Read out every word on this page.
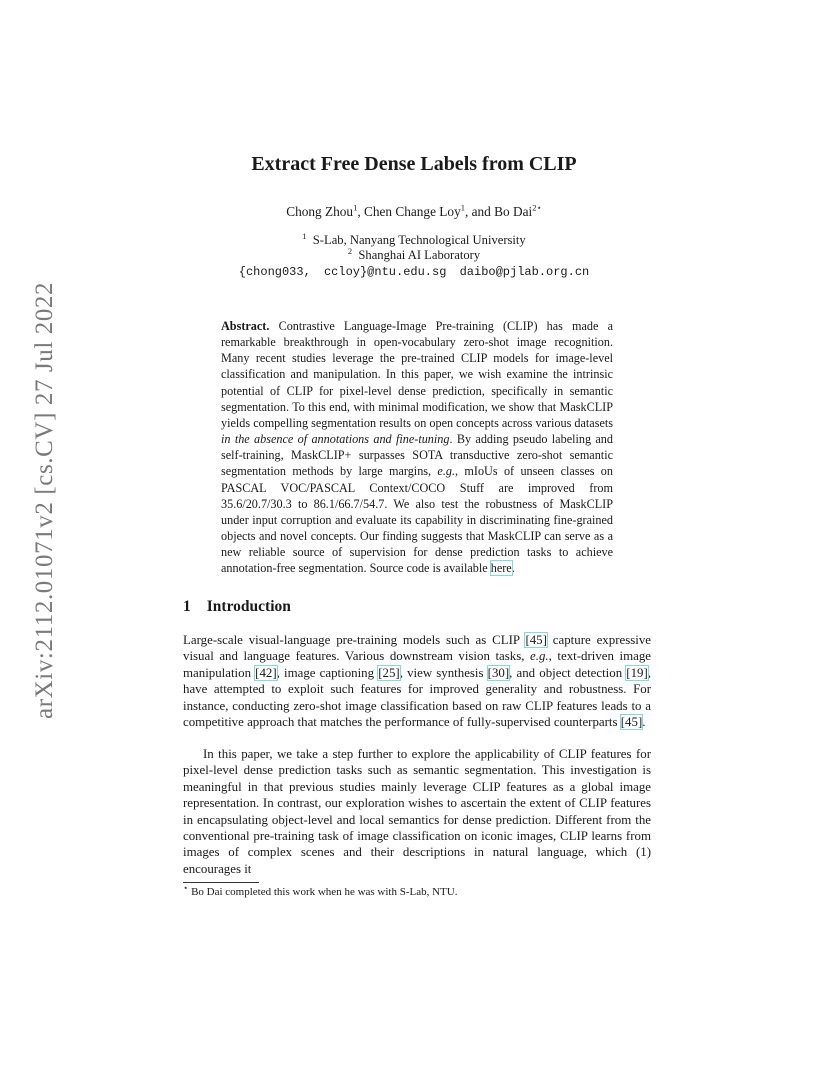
arXiv:2112.01071v2 [cs.CV] 27 Jul 2022
Extract Free Dense Labels from CLIP
Chong Zhou$^1$, Chen Change Loy$^1$, and Bo Dai$^{2⋆}$
$^1$ S-Lab, Nanyang Technological University
$^2$ Shanghai AI Laboratory
{chong033, ccloy}@ntu.edu.sg daibo@pjlab.org.cn
Abstract. Contrastive Language-Image Pre-training (CLIP) has made a remarkable breakthrough in open-vocabulary zero-shot image recognition. Many recent studies leverage the pre-trained CLIP models for image-level classification and manipulation. In this paper, we wish examine the intrinsic potential of CLIP for pixel-level dense prediction, specifically in semantic segmentation. To this end, with minimal modification, we show that MaskCLIP yields compelling segmentation results on open concepts across various datasets in the absence of annotations and fine-tuning. By adding pseudo labeling and self-training, MaskCLIP+ surpasses SOTA transductive zero-shot semantic segmentation methods by large margins, e.g., mIoUs of unseen classes on PASCAL VOC/PASCAL Context/COCO Stuff are improved from 35.6/20.7/30.3 to 86.1/66.7/54.7. We also test the robustness of MaskCLIP under input corruption and evaluate its capability in discriminating fine-grained objects and novel concepts. Our finding suggests that MaskCLIP can serve as a new reliable source of supervision for dense prediction tasks to achieve annotation-free segmentation. Source code is available here.
1 Introduction
Large-scale visual-language pre-training models such as CLIP [45] capture expressive visual and language features. Various downstream vision tasks, e.g., text-driven image manipulation [42], image captioning [25], view synthesis [30], and object detection [19], have attempted to exploit such features for improved generality and robustness. For instance, conducting zero-shot image classification based on raw CLIP features leads to a competitive approach that matches the performance of fully-supervised counterparts [45].
In this paper, we take a step further to explore the applicability of CLIP features for pixel-level dense prediction tasks such as semantic segmentation. This investigation is meaningful in that previous studies mainly leverage CLIP features as a global image representation. In contrast, our exploration wishes to ascertain the extent of CLIP features in encapsulating object-level and local semantics for dense prediction. Different from the conventional pre-training task of image classification on iconic images, CLIP learns from images of complex scenes and their descriptions in natural language, which (1) encourages it
⋆ Bo Dai completed this work when he was with S-Lab, NTU.
